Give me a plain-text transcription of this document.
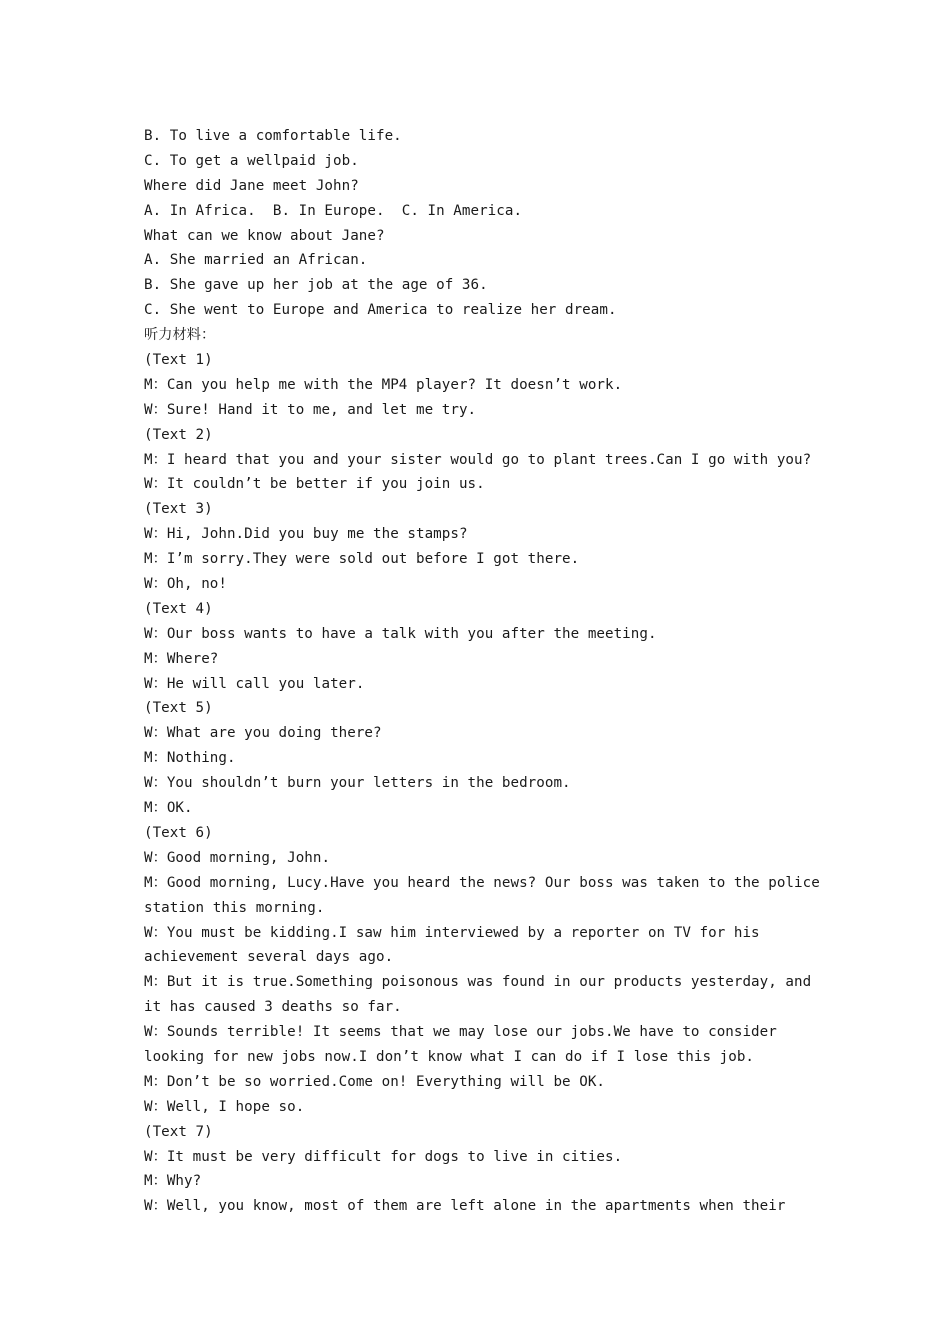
B. To live a comfortable life.
C. To get a wellpaid job.
Where did Jane meet John?
A. In Africa.  B. In Europe.  C. In America.
What can we know about Jane?
A. She married an African.
B. She gave up her job at the age of 36.
C. She went to Europe and America to realize her dream.
听力材料：
(Text 1)
M：Can you help me with the MP4 player? It doesn’t work.
W：Sure! Hand it to me, and let me try.
(Text 2)
M：I heard that you and your sister would go to plant trees.Can I go with you?
W：It couldn’t be better if you join us.
(Text 3)
W：Hi, John.Did you buy me the stamps?
M：I’m sorry.They were sold out before I got there.
W：Oh, no!
(Text 4)
W：Our boss wants to have a talk with you after the meeting.
M：Where?
W：He will call you later.
(Text 5)
W：What are you doing there?
M：Nothing.
W：You shouldn’t burn your letters in the bedroom.
M：OK.
(Text 6)
W：Good morning, John.
M：Good morning, Lucy.Have you heard the news? Our boss was taken to the police
station this morning.
W：You must be kidding.I saw him interviewed by a reporter on TV for his
achievement several days ago.
M：But it is true.Something poisonous was found in our products yesterday, and
it has caused 3 deaths so far.
W：Sounds terrible! It seems that we may lose our jobs.We have to consider
looking for new jobs now.I don’t know what I can do if I lose this job.
M：Don’t be so worried.Come on! Everything will be OK.
W：Well, I hope so.
(Text 7)
W：It must be very difficult for dogs to live in cities.
M：Why?
W：Well, you know, most of them are left alone in the apartments when their
